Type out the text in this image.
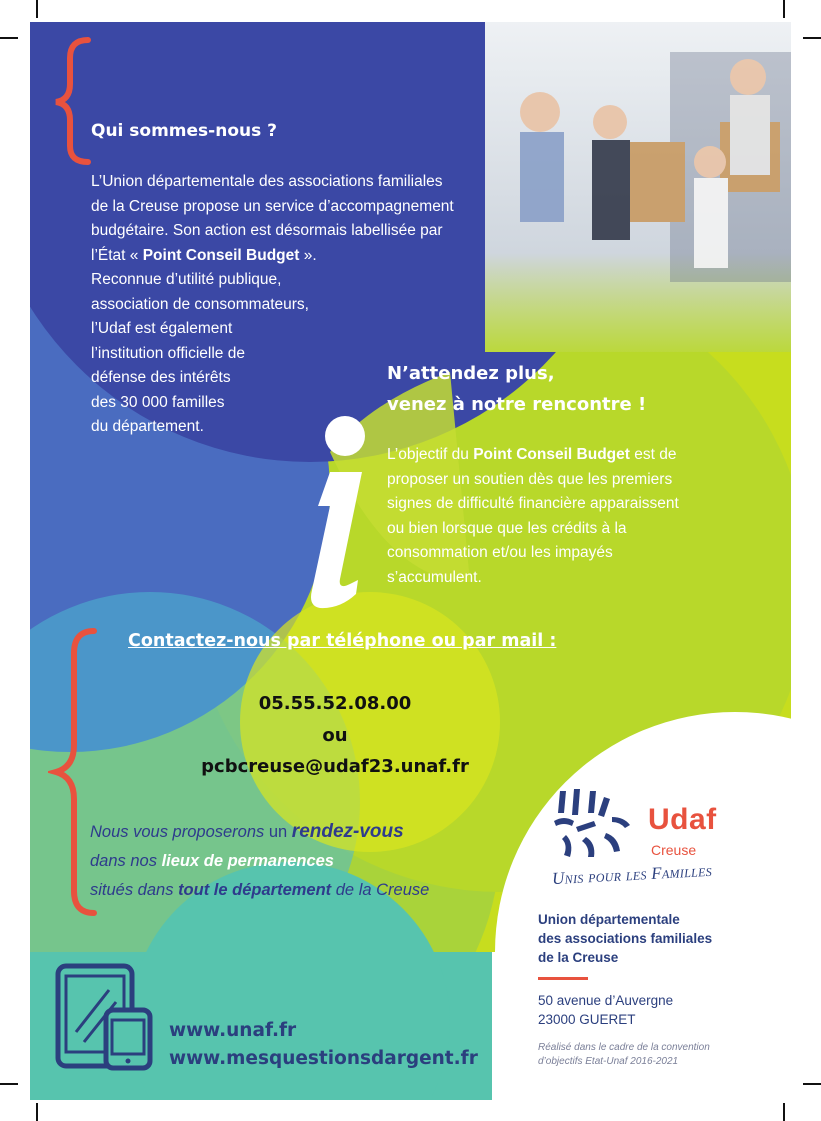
Qui sommes-nous ?
L’Union départementale des associations familiales
de la Creuse propose un service d’accompagnement
budgétaire. Son action est désormais labellisée par
l’État « Point Conseil Budget ».
Reconnue d’utilité publique,
association de consommateurs,
l’Udaf est également
l’institution officielle de
défense des intérêts
des 30 000 familles
du département.
N’attendez plus,
venez à notre rencontre !
L’objectif du Point Conseil Budget est de
proposer un soutien dès que les premiers
signes de difficulté financière apparaissent
ou bien lorsque que les crédits à la
consommation et/ou les impayés
s’accumulent.
Contactez-nous par téléphone ou par mail :
05.55.52.08.00
ou
pcbcreuse@udaf23.unaf.fr
Nous vous proposerons un rendez-vous
dans nos lieux de permanences
situés dans tout le département de la Creuse
www.unaf.fr
www.mesquestionsdargent.fr
Udaf
Creuse
Unis pour les Familles
Union départementale
des associations familiales
de la Creuse
50 avenue d’Auvergne
23000 GUERET
Réalisé dans le cadre de la convention
d’objectifs Etat-Unaf 2016-2021
